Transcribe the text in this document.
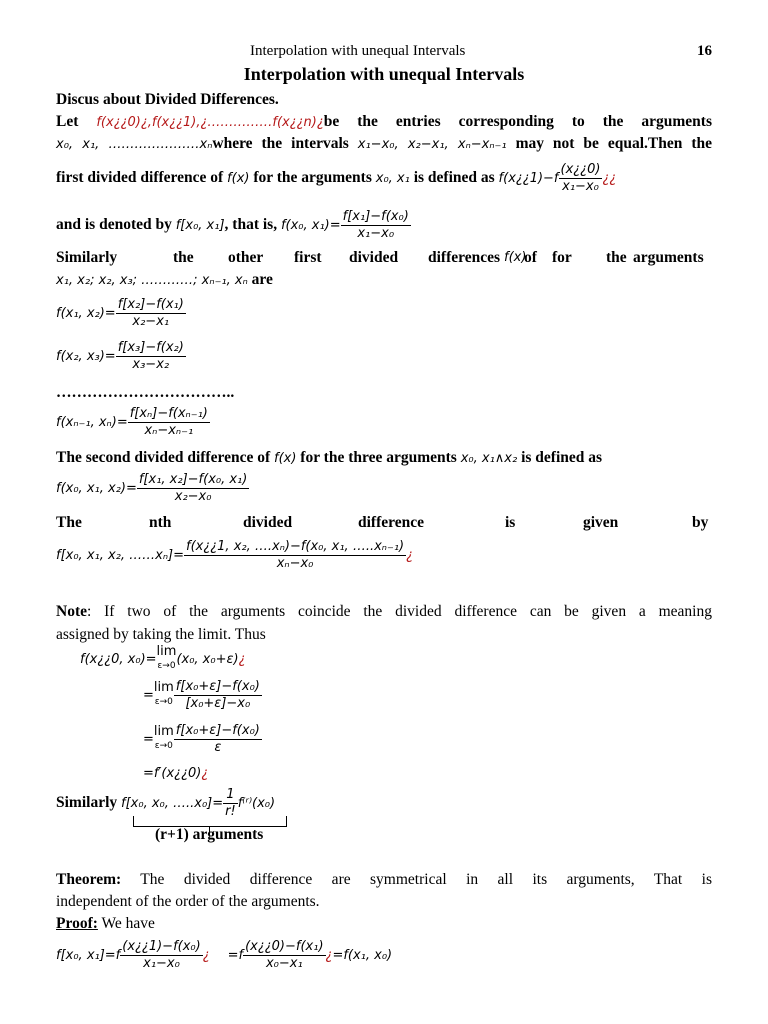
Interpolation with unequal Intervals	16
Interpolation with unequal Intervals
Discus about Divided Differences.
Let f(x¿¿0)¿,f(x¿¿1),¿……………f(x¿¿n)¿be the entries corresponding to the arguments
x₀, x₁, …………………xₙwhere the intervals x₁−x₀, x₂−x₁, xₙ−xₙ₋₁ may not be equal.Then the
first divided difference of f(x) for the arguments x₀, x₁ is defined as f(x¿¿1)−f $\frac{(x¿¿0)}{\text{x₁−x₀}}$ ¿¿
and is denoted by f[x₀, x₁], that is, f(x₀, $x_1)= \frac{\text{f[x₁]−f(x₀)}}{\text{x₁−x₀}}$
Similarly	the other first divided differences of
f(x) for the arguments
x₁, x₂; x₂, x₃; …………; xₙ₋₁, xₙ are
f(x₁, $x_2)= \frac{\text{f[x₂]−f(x₁)}}{\text{x₂−x₁}}$
f(x₂, $x_3)= \frac{\text{f[x₃]−f(x₂)}}{\text{x₃−x₂}}$
……………………………..
f(xₙ₋₁, $x_n)= \frac{\text{f[xₙ]−f(xₙ₋₁)}}{\text{xₙ−xₙ₋₁}}$
The second divided difference of f(x) for the three arguments x₀, x₁∧x₂ is defined as
f(x₀, x₁, $x_2)= \frac{\text{f[x₁, x₂]−f(x₀, x₁)}}{\text{x₂−x₀}}$
The	nth	divided	difference	is	given	by
f[x₀, x₁, x₂, ……xₙ]= $\frac{\text{f(x¿¿1, x₂, ….xₙ)−f(x₀, x₁, …..xₙ₋₁)}}{\text{xₙ−x₀}}$ ¿
Note: If two of the arguments coincide the divided difference can be given a meaning
assigned by taking the limit. Thus
f(x¿¿0, x₀)=lim
ε→0 (x₀, x₀+ε)¿
=lim
$\varepsilon\to 0 \frac{\text{f[x₀+ε]−f(x₀)}}{\text{[x₀+ε]−x₀}}$
=lim
$\varepsilon\to 0 \frac{\text{f[x₀+ε]−f(x₀)}}{\varepsilon}$
=f′(x¿¿0)¿
Similarly f[x₀, x₀, …..x₀]= $\frac{1}{r!}$ f⁽ʳ⁾(x₀)
(r+1) arguments
Theorem: The divided difference are symmetrical in all its arguments, That is
independent of the order of the arguments.
Proof: We have
f[x₀, $x_1]=f \frac{\text{(x¿¿1)−f(x₀)}}{\text{x₁−x₀}}$ ¿ $=f \frac{\text{(x¿¿0)−f(x₁)}}{\text{x₀−x₁}}$ ¿=f(x₁, x₀)
